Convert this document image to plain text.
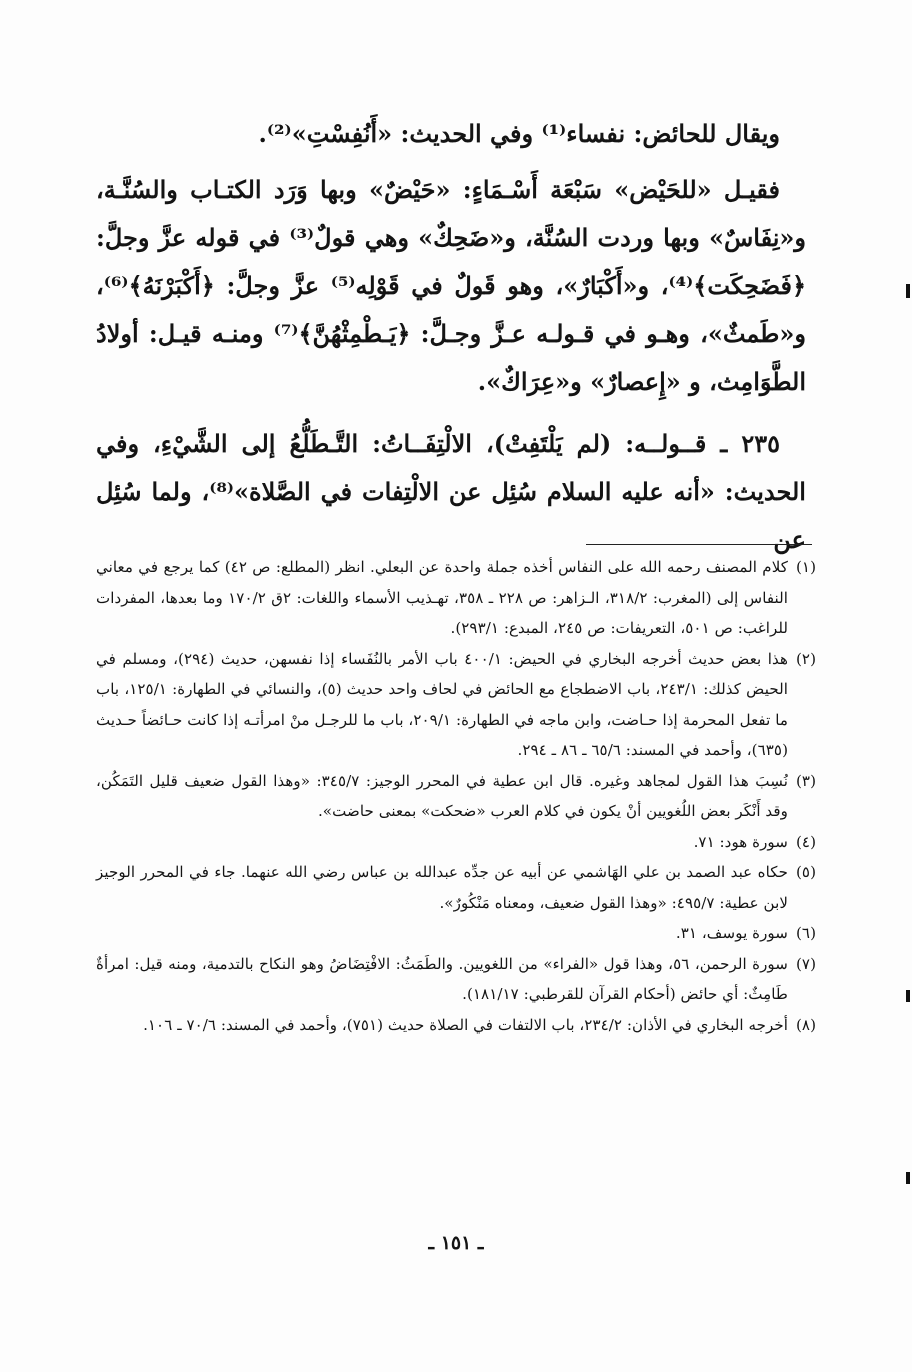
ويقال للحائض: نفساء⁽¹⁾ وفي الحديث: «أَنُفِسْتِ»⁽²⁾.

فقيـل «للحَيْض» سَبْعَة أَسْـمَاءٍ: «حَيْضٌ» وبها وَرَد الكتـاب والسُنَّـة، و«نِفَاسٌ» وبها وردت السُنَّة، و«ضَحِكٌ» وهي قولٌ⁽³⁾ في قوله عزَّ وجلَّ: ﴿فَضَحِكَت﴾⁽⁴⁾، و«أَكْبَارٌ»، وهو قَولٌ في قَوْلِه⁽⁵⁾ عزَّ وجلَّ: ﴿أَكْبَرْنَهُ﴾⁽⁶⁾، و«طَمثٌ»، وهـو في قـولـه عـزَّ وجـلَّ: ﴿يَـطْمِثْهُنَّ﴾⁽⁷⁾ ومنـه قيـل: أولادُ الطَّوَامِث، و «إِعصارٌ» و«عِرَاكٌ».

٢٣٥ ـ قــولــه: (لم يَلْتَفِتْ)، الالْتِفَــاتُ: التَّـطَلُّعُ إلى الشَّيْءِ، وفي الحديث: «أنه عليه السلام سُئِل عن الالْتِفات في الصَّلاة»⁽⁸⁾، ولما سُئِل عن

(١)
كلام المصنف رحمه الله على النفاس أخذه جملة واحدة عن البعلي. انظر (المطلع: ص ٤٢) كما يرجع في معاني النفاس إلى (المغرب: ٣١٨/٢، الـزاهر: ص ٢٢٨ ـ ٣٥٨، تهـذيب الأسماء واللغات: ٢ق ١٧٠/٢ وما بعدها، المفردات للراغب: ص ٥٠١، التعريفات: ص ٢٤٥، المبدع: ٢٩٣/١).
(٢)
هذا بعض حديث أخرجه البخاري في الحيض: ٤٠٠/١ باب الأمر بالنُفَساء إذا نفسهن، حديث (٢٩٤)، ومسلم في الحيض كذلك: ٢٤٣/١، باب الاضطجاع مع الحائض في لحاف واحد حديث (٥)، والنسائي في الطهارة: ١٢٥/١، باب ما تفعل المحرمة إذا حـاضت، وابن ماجه في الطهارة: ٢٠٩/١، باب ما للرجـل منْ امرأتـه إذا كانت حـائضاً حـديث (٦٣٥)، وأحمد في المسند: ٦٥/٦ ـ ٨٦ ـ ٢٩٤.
(٣)
نُسِبَ هذا القول لمجاهد وغيره. قال ابن عطية في المحرر الوجيز: ٣٤٥/٧: «وهذا القول ضعيف قليل التَمَكُن، وقد أَنْكَر بعض اللُغويين أنْ يكون في كلام العرب «ضحكت» بمعنى حاضت».
(٤)
سورة هود: ٧١.
(٥)
حكاه عبد الصمد بن علي الهَاشمي عن أبيه عن جدِّه عبدالله بن عباس رضي الله عنهما. جاء في المحرر الوجيز لابن عطية: ٤٩٥/٧: «وهذا القول ضعيف، ومعناه مَنْكُورٌ».
(٦)
سورة يوسف، ٣١.
(٧)
سورة الرحمن، ٥٦، وهذا قول «الفراء» من اللغويين. والطَمَثُ: الافْتِضَاضُ وهو النكاح بالتدمية، ومنه قيل: امرأةٌ طَامِثٌ: أي حائض (أحكام القرآن للقرطبي: ١٨١/١٧).
(٨)
أخرجه البخاري في الأذان: ٢٣٤/٢، باب الالتفات في الصلاة حديث (٧٥١)، وأحمد في المسند: ٧٠/٦ ـ ١٠٦.
ـ ١٥١ ـ
